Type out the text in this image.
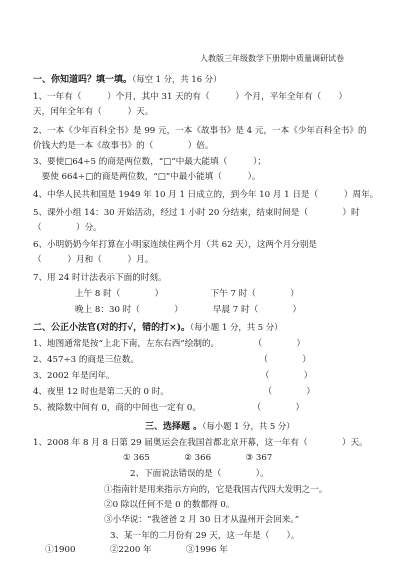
人教版三年级数学下册期中质量调研试卷
一、你知道吗？填一填。（每空 1 分，共 16 分）
1、一年有（　　　）个月，其中 31 天的有（　　　）个月，平年全年有（　　）
天，闰年全年有（　　　）天。
2、一本《少年百科全书》是 99 元，一本《故事书》是 4 元，一本《少年百科全书》的
价钱大约是一本《故事书》的（　　　　）倍。
3、要使□64÷5 的商是两位数，“□”中最大能填（　　　）；
　要使 664÷□的商是两位数，“□”中最小能填（　　　）。
4、中华人民共和国是 1949 年 10 月 1 日成立的，到今年 10 月 1 日是（　　　）周年。
5、课外小组 14：30 开始活动，经过 1 小时 20 分结束，结束时间是（　　　　）时
（　　　　）分。
6、小明奶奶今年打算在小明家连续住两个月（共 62 天），这两个月分别是
（　　　）月和（　　　）月。
7、用 24 时计法表示下面的时刻。
上午 8 时（　　　　）　　　　　　下午 7 时（　　　　）
晚上 8：30 时（　　　　）　　　　早晨 7 时（　　　　）
二、公正小法官(对的打√，错的打×)。（每小题 1 分，共 5 分）
1、地图通常是按“上北下南，左东右西”绘制的。　　　　　（　　　　）
2、457÷3 的商是三位数。　　　　　　　　　　　　　　　（　　　　）
3、2002 年是闰年。　　　　　　　　　　　　　　　　　　（　　　　）
4、夜里 12 时也是第二天的 0 时。　　　　　　　　　　　　（　　　　）
5、被除数中间有 0，商的中间也一定有 0。　　　　　　　（　　　　）
三、选择题 。（每小题 1 分，共 5 分）
1、2008 年 8 月 8 日第 29 届奥运会在我国首都北京开幕，这一年有（　　　　）天。
① 365　　　　② 366　　　　③ 367
2、下面说法错误的是（　　　　）。
①指南针是用来指示方向的，它是我国古代四大发明之一。
②0 除以任何不是 0 的数都得 0。
③小华说：“我爸爸 2 月 30 日才从温州开会回来。”
3、某一年的二月份有 29 天，这一年是（　　）。
①1900　　　　②2200 年　　　　③1996 年
